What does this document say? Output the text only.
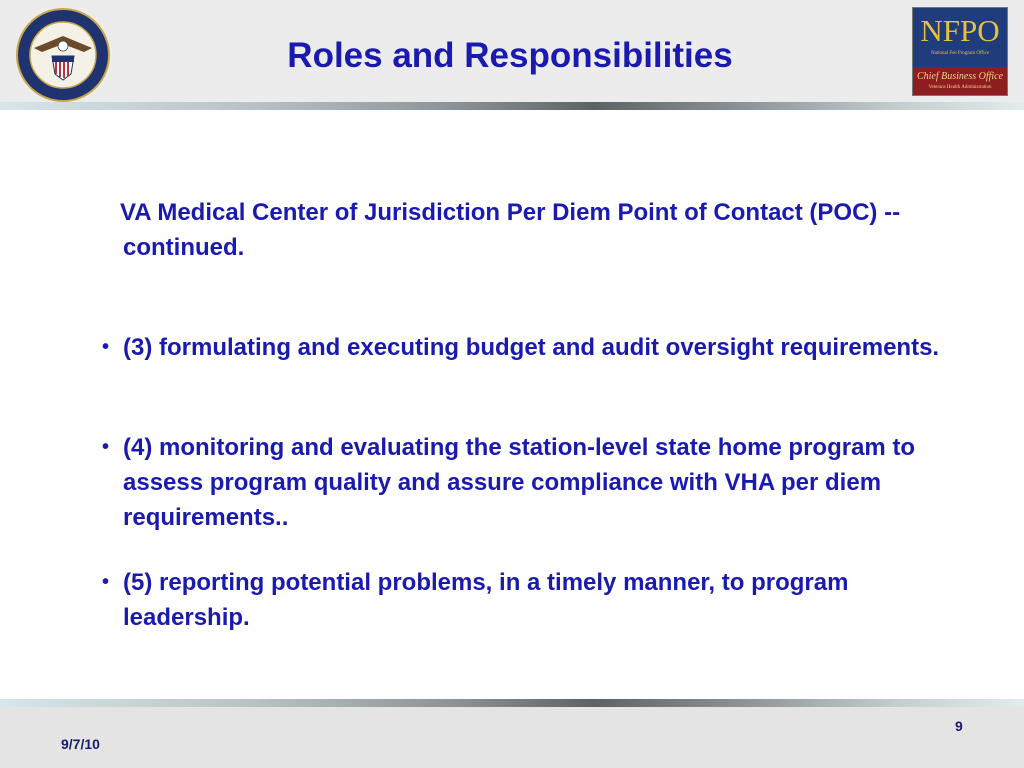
Roles and Responsibilities
NFPO
National Fee Program Office
Chief Business Office
Veterans Health Administration
VA Medical Center of Jurisdiction Per Diem Point of Contact (POC) -- continued.
• (3) formulating and executing budget and audit oversight requirements.
• (4) monitoring and evaluating the station-level state home program to assess program quality and assure compliance with VHA per diem requirements..
• (5) reporting potential problems, in a timely manner, to program leadership.
9/7/10
9
